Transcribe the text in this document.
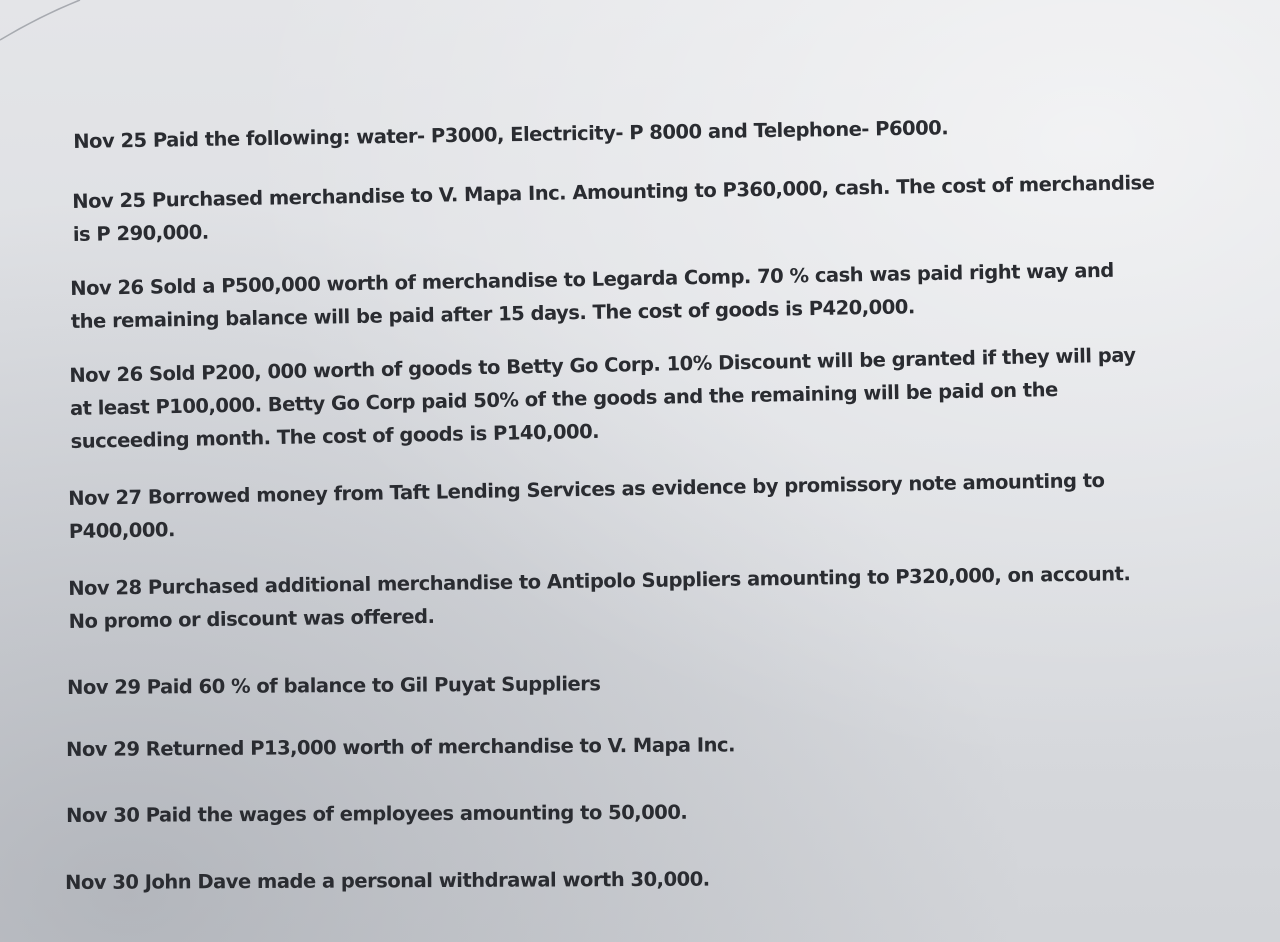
Nov 25 Paid the following: water- P3000, Electricity- P 8000 and Telephone- P6000.

Nov 25 Purchased merchandise to V. Mapa Inc. Amounting to P360,000, cash. The cost of merchandise
is P 290,000.

Nov 26 Sold a P500,000 worth of merchandise to Legarda Comp. 70 % cash was paid right way and
the remaining balance will be paid after 15 days. The cost of goods is P420,000.

Nov 26 Sold P200, 000 worth of goods to Betty Go Corp. 10% Discount will be granted if they will pay
at least P100,000. Betty Go Corp paid 50% of the goods and the remaining will be paid on the
succeeding month. The cost of goods is P140,000.

Nov 27 Borrowed money from Taft Lending Services as evidence by promissory note amounting to
P400,000.

Nov 28 Purchased additional merchandise to Antipolo Suppliers amounting to P320,000, on account.
No promo or discount was offered.

Nov 29 Paid 60 % of balance to Gil Puyat Suppliers

Nov 29 Returned P13,000 worth of merchandise to V. Mapa Inc.

Nov 30 Paid the wages of employees amounting to 50,000.

Nov 30 John Dave made a personal withdrawal worth 30,000.
